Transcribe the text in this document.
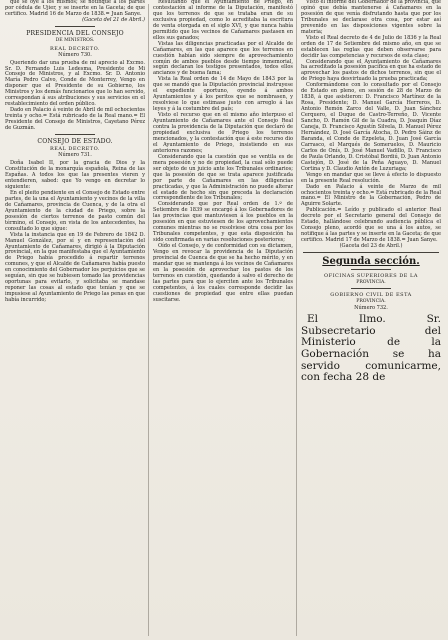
que se oye á los mismos; se notifique á los partes por cédula de Ujier, y se inserte en la Gaceta; de que certifico. Madrid 16 de Marzo de 1838.= Juan Sanye.

(Gaceta del 21 de Abril.)

PRESIDENCIA DEL CONSEJO

DE MINISTROS.

REAL DECRETO.

Número 730.

Queriendo dar una prueba de mi aprecio al Excmo. Sr. D. Fernando Luis Ledesma, Presidente de Mi Consejo de Ministros, y al Excmo. Sr. D. Antonio María Pedro Calvo, Conde de Monterrey, Vengo en disponer que el Presidente de su Gobierno, los Ministros y los demás funcionarios que lo han servido, correspondan á sus atribuciones y sus servicios en el restablecimiento del orden público.

Dado en Palacio á veinte de Abril de mil ochocientos treinta y ocho.= Está rubricado de la Real mano.= El Presidente del Consejo de Ministros, Cayetano Pérez de Guzmán.

CONSEJO DE ESTADO.

REAL DECRETO.

Número 731.

Doña Isabel II, por la gracia de Dios y la Constitución de la monarquía española, Reina de las Españas. A todos los que las presentes vieren y entendieren, sabed: que Yo vengo en decretar lo siguiente:

En el pleito pendiente en el Consejo de Estado entre partes, de la una el Ayuntamiento y vecinos de la villa de Cañamares, provincia de Cuenca, y de la otra el Ayuntamiento de la ciudad de Priego, sobre la posesión de ciertos terrenos de pasto común del término, el Consejo, en vista de los antecedentes, ha consultado lo que sigue:

Vista la instancia que en 19 de Febrero de 1842 D. Manuel González, por sí y en representación del Ayuntamiento de Cañamares, dirigió á la Diputación provincial, en la que manifestaba que el Ayuntamiento de Priego había procedido á repartir terrenos comunes, y que el Alcalde de Cañamares había puesto en conocimiento del Gobernador los perjuicios que se seguían, sin que se hubiesen tomado las providencias oportunas para evitarlo, y solicitaba se mandase reponer las cosas al estado que tenían y que se impusiese al Ayuntamiento de Priego las penas en que había incurrido;

Resultando que el Ayuntamiento de Priego, en contestación al informe de la Diputación, manifestó que los terrenos de que se trataba eran de su exclusiva propiedad, como lo acreditaba la escritura de venta otorgada en el siglo XVI, y que nunca había permitido que los vecinos de Cañamares pastasen en ellos sus ganados;

Vistas las diligencias practicadas por el Alcalde de Cañamares, en las que aparece que los terrenos en cuestión habían sido siempre de aprovechamiento común de ambos pueblos desde tiempo inmemorial, según declaran los testigos presentados, todos ellos ancianos y de buena fama;

Vista la Real orden de 14 de Mayo de 1843 por la que se mandó que la Diputación provincial instruyese el expediente oportuno, oyendo á ambos Ayuntamientos y á los peritos que se nombrasen, y resolviese lo que estimase justo con arreglo á las leyes y á la costumbre del país;

Visto el recurso que en el mismo año interpuso el Ayuntamiento de Cañamares ante el Consejo Real contra la providencia de la Diputación que declaró de propiedad exclusiva de Priego los terrenos mencionados, y la contestación que á este recurso dio el Ayuntamiento de Priego, insistiendo en sus anteriores razones;

Considerando que la cuestión que se ventila es de mera posesión y no de propiedad, la cual sólo puede ser objeto de un juicio ante los Tribunales ordinarios; que la posesión de que se trata aparece justificada por parte de Cañamares en las diligencias practicadas, y que la Administración no puede alterar el estado de hecho sin que preceda la declaración correspondiente de los Tribunales;

Considerando que por Real orden de 1.º de Setiembre de 1839 se encargó á los Gobernadores de las provincias que mantuviesen á los pueblos en la posesión en que estuviesen de los aprovechamientos comunes mientras no se resolviese otra cosa por los Tribunales competentes, y que esta disposición ha sido confirmada en varias resoluciones posteriores;

Oído el Consejo, y de conformidad con su dictamen, Vengo en revocar la providencia de la Diputación provincial de Cuenca de que se ha hecho mérito, y en mandar que se mantenga á los vecinos de Cañamares en la posesión de aprovechar los pastos de los terrenos en cuestión, quedando á salvo el derecho de las partes para que lo ejerciten ante los Tribunales competentes, á los cuales corresponde decidir las cuestiones de propiedad que entre ellas puedan suscitarse.

Visto el informe del Gobernador de la provincia, que opinó que debía mantenerse á Cañamares en la posesión de que venía disfrutando hasta que por los Tribunales se declarase otra cosa, por estar así prevenido en las disposiciones vigentes sobre la materia;

Visto el Real decreto de 4 de Julio de 1836 y la Real orden de 17 de Setiembre del mismo año, en que se establecen las reglas que deben observarse para decidir las competencias y recursos de esta clase;

Considerando que el Ayuntamiento de Cañamares ha acreditado la posesión pacífica en que ha estado de aprovechar los pastos de dichos terrenos, sin que el de Priego haya desvirtuado la prueba practicada;

Conformándome con lo consultado por el Consejo de Estado en pleno, en sesión de 28 de Marzo de 1838, á que asistieron: D. Francisco Martínez de la Rosa, Presidente; D. Manuel García Herreros, D. Antonio Remón Zarco del Valle, D. Juan Sánchez Cerquero, el Duque de Castro-Terreño, D. Vicente Sancho, D. Ramón Gil de la Cuadra, D. Joaquín Díaz Caneja, D. Francisco Agustín Silvela, D. Manuel Pérez Hernández, D. José García Atocha, D. Pedro Sáinz de Baranda, el Conde de Ezpeleta, D. Juan José García Carrasco, el Marqués de Someruelos, D. Mauricio Carlos de Onís, D. José Manuel Vadillo, D. Francisco de Paula Orlando, D. Cristóbal Bordiú, D. Juan Antonio Castejón, D. José de la Peña Aguayo, D. Manuel Cortina y D. Claudio Antón de Luzuriaga;

Vengo en mandar que se lleve á efecto lo dispuesto en la presente Real resolución.

Dado en Palacio á veinte de Marzo de mil ochocientos treinta y ocho.= Está rubricado de la Real mano.= El Ministro de la Gobernación, Pedro de Aguirre Solarte.

Publicación.= Leído y publicado el anterior Real decreto por el Secretario general del Consejo de Estado, hallándose celebrando audiencia pública el Consejo pleno, acordó que se una á los autos, se notifique á las partes y se inserte en la Gaceta; de que certifico. Madrid 17 de Marzo de 1838.= Juan Sanye.

(Gaceta del 23 de Abril.)

Segunda sección.

OFICINAS SUPERIORES DE LA

PROVINCIA.

GOBIERNO CIVIL DE ESTA

PROVINCIA.

Número 732.

El Ilmo. Sr. Subsecretario del Ministerio de la Gobernación se ha servido comunicarme, con fecha 28 de
